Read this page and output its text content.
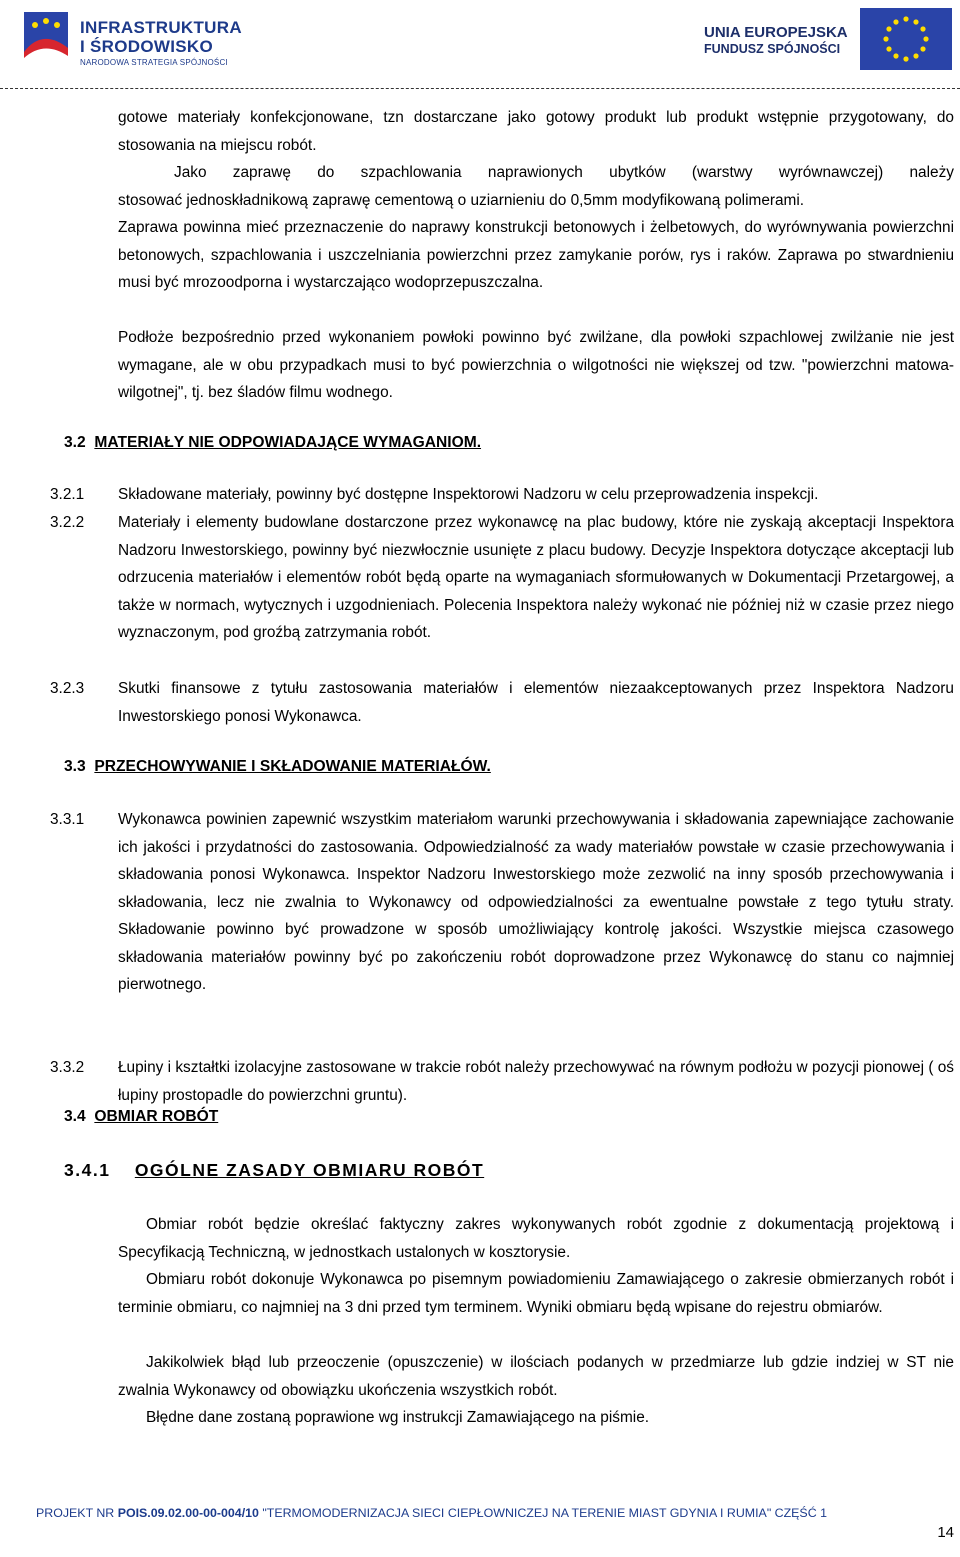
INFRASTRUKTURA
I ŚRODOWISKO
NARODOWA STRATEGIA SPÓJNOŚCI
UNIA EUROPEJSKA
FUNDUSZ SPÓJNOŚCI
gotowe materiały konfekcjonowane, tzn dostarczane jako gotowy produkt lub produkt wstępnie przygotowany, do stosowania na miejscu robót.
Jako zaprawę do szpachlowania naprawionych ubytków (warstwy wyrównawczej) należy
stosować jednoskładnikową zaprawę cementową o uziarnieniu do 0,5mm modyfikowaną polimerami.
Zaprawa powinna mieć przeznaczenie do naprawy konstrukcji betonowych i żelbetowych, do wyrównywania powierzchni betonowych, szpachlowania i uszczelniania powierzchni przez zamykanie porów, rys i raków. Zaprawa po stwardnieniu musi być mrozoodporna i wystarczająco wodoprzepuszczalna.
Podłoże bezpośrednio przed wykonaniem powłoki powinno być zwilżane, dla powłoki szpachlowej zwilżanie nie jest wymagane, ale w obu przypadkach musi to być powierzchnia o wilgotności nie większej od tzw. "powierzchni matowa-wilgotnej", tj. bez śladów filmu wodnego.
3.2 MATERIAŁY NIE ODPOWIADAJĄCE WYMAGANIOM.
3.2.1 Składowane materiały, powinny być dostępne Inspektorowi Nadzoru w celu przeprowadzenia inspekcji.
3.2.2 Materiały i elementy budowlane dostarczone przez wykonawcę na plac budowy, które nie zyskają akceptacji Inspektora Nadzoru Inwestorskiego, powinny być niezwłocznie usunięte z placu budowy. Decyzje Inspektora dotyczące akceptacji lub odrzucenia materiałów i elementów robót będą oparte na wymaganiach sformułowanych w Dokumentacji Przetargowej, a także w normach, wytycznych i uzgodnieniach. Polecenia Inspektora należy wykonać nie później niż w czasie przez niego wyznaczonym, pod groźbą zatrzymania robót.
3.2.3 Skutki finansowe z tytułu zastosowania materiałów i elementów niezaakceptowanych przez Inspektora Nadzoru Inwestorskiego ponosi Wykonawca.
3.3 PRZECHOWYWANIE I SKŁADOWANIE MATERIAŁÓW.
3.3.1 Wykonawca powinien zapewnić wszystkim materiałom warunki przechowywania i składowania zapewniające zachowanie ich jakości i przydatności do zastosowania. Odpowiedzialność za wady materiałów powstałe w czasie przechowywania i składowania ponosi Wykonawca. Inspektor Nadzoru Inwestorskiego może zezwolić na inny sposób przechowywania i składowania, lecz nie zwalnia to Wykonawcy od odpowiedzialności za ewentualne powstałe z tego tytułu straty. Składowanie powinno być prowadzone w sposób umożliwiający kontrolę jakości. Wszystkie miejsca czasowego składowania materiałów powinny być po zakończeniu robót doprowadzone przez Wykonawcę do stanu co najmniej pierwotnego.
3.3.2 Łupiny i kształtki izolacyjne zastosowane w trakcie robót należy przechowywać na równym podłożu w pozycji pionowej ( oś łupiny prostopadle do powierzchni gruntu).
3.4 OBMIAR ROBÓT
3.4.1 OGÓLNE ZASADY OBMIARU ROBÓT
Obmiar robót będzie określać faktyczny zakres wykonywanych robót zgodnie z dokumentacją projektową i Specyfikacją Techniczną, w jednostkach ustalonych w kosztorysie.
Obmiaru robót dokonuje Wykonawca po pisemnym powiadomieniu Zamawiającego o zakresie obmierzanych robót i terminie obmiaru, co najmniej na 3 dni przed tym terminem. Wyniki obmiaru będą wpisane do rejestru obmiarów.
Jakikolwiek błąd lub przeoczenie (opuszczenie) w ilościach podanych w przedmiarze lub gdzie indziej w ST nie zwalnia Wykonawcy od obowiązku ukończenia wszystkich robót.
Błędne dane zostaną poprawione wg instrukcji Zamawiającego na piśmie.
PROJEKT NR POIS.09.02.00-00-004/10 "TERMOMODERNIZACJA SIECI CIEPŁOWNICZEJ NA TERENIE MIAST GDYNIA I RUMIA" CZĘŚĆ 1
14
